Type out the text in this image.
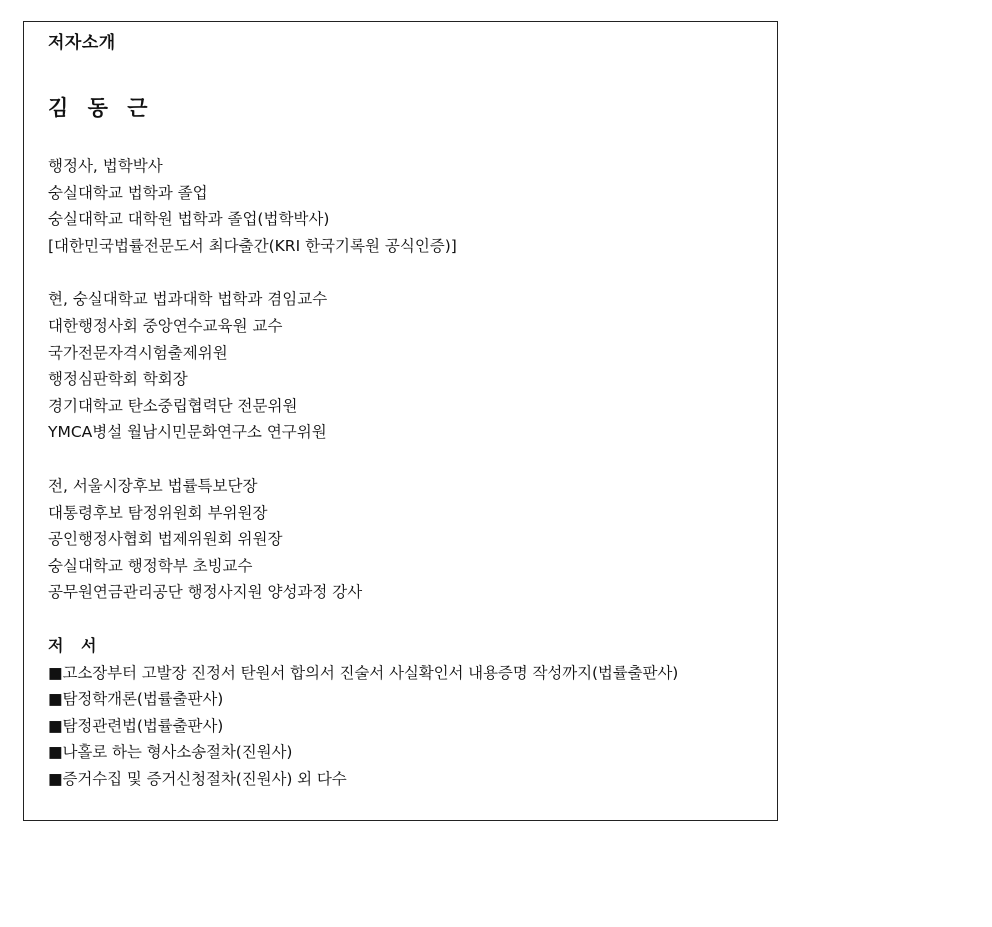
저자소개
김 동 근
행정사, 법학박사
숭실대학교 법학과 졸업
숭실대학교 대학원 법학과 졸업(법학박사)
[대한민국법률전문도서 최다출간(KRI 한국기록원 공식인증)]
현, 숭실대학교 법과대학 법학과 겸임교수
대한행정사회 중앙연수교육원 교수
국가전문자격시험출제위원
행정심판학회 학회장
경기대학교 탄소중립협력단 전문위원
YMCA병설 월남시민문화연구소 연구위원
전, 서울시장후보 법률특보단장
대통령후보 탐정위원회 부위원장
공인행정사협회 법제위원회 위원장
숭실대학교 행정학부 초빙교수
공무원연금관리공단 행정사지원 양성과정 강사
저 서
■고소장부터 고발장 진정서 탄원서 합의서 진술서 사실확인서 내용증명 작성까지(법률출판사)
■탐정학개론(법률출판사)
■탐정관련법(법률출판사)
■나홀로 하는 형사소송절차(진원사)
■증거수집 및 증거신청절차(진원사) 외 다수
